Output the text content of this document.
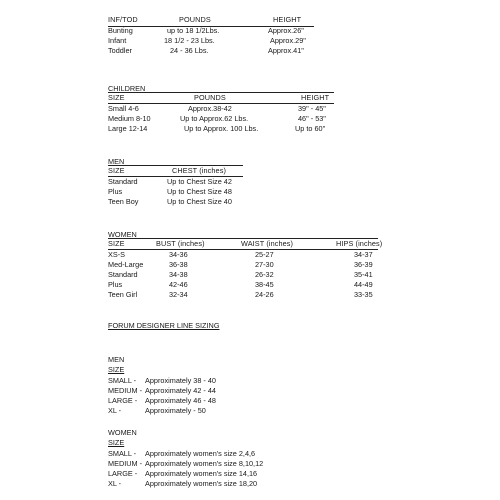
INF/TOD	POUNDS	HEIGHT
Bunting	up to 18 1/2Lbs.	Approx.26"
Infant	18 1/2 - 23 Lbs.	Approx.29"
Toddler	24 - 36 Lbs.	Approx.41"
CHILDREN
SIZE	POUNDS	HEIGHT
Small 4-6	Approx.38-42	39" - 45"
Medium 8-10	Up to Approx.62 Lbs.	46" - 53"
Large 12-14	Up to Approx. 100 Lbs.	Up to 60"
MEN
SIZE	CHEST (inches)
Standard	Up to Chest Size 42
Plus	Up to Chest Size 48
Teen Boy	Up to Chest Size 40
WOMEN
SIZE	BUST (inches)	WAIST (inches)	HIPS (inches)
XS-S	34-36	25-27	34-37
Med-Large	36-38	27-30	36-39
Standard	34-38	26-32	35-41
Plus	42-46	38-45	44-49
Teen Girl	32-34	24-26	33-35
FORUM DESIGNER LINE SIZING
MEN
SIZE
SMALL - Approximately 38 - 40
MEDIUM - Approximately 42 - 44
LARGE - Approximately 46 - 48
XL -	Approximately - 50
WOMEN
SIZE
SMALL - Approximately women's size 2,4,6
MEDIUM - Approximately women's size 8,10,12
LARGE - Approximately women's size 14,16
XL -	Approximately women's size 18,20
